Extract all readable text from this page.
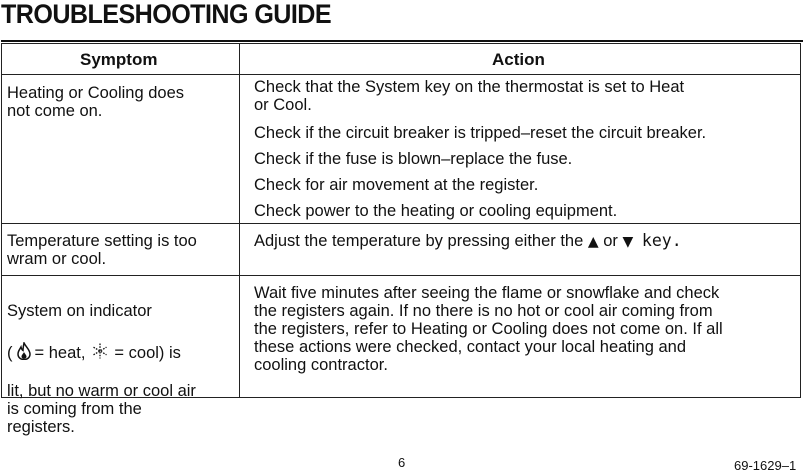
TROUBLESHOOTING GUIDE
Symptom	Action
Heating or Cooling does
not come on.
Check that the System key on the thermostat is set to Heat
or Cool.
Check if the circuit breaker is tripped–reset the circuit breaker.
Check if the fuse is blown–replace the fuse.
Check for air movement at the register.
Check power to the heating or cooling equipment.
Temperature setting is too
wram or cool.
Adjust the temperature by pressing either the ▲ or ▼ key.

System on indicator

( = heat, = cool) is

lit, but no warm or cool air
is coming from the
registers.

Wait five minutes after seeing the flame or snowflake and check
the registers again. If no there is no hot or cool air coming from
the registers, refer to Heating or Cooling does not come on. If all
these actions were checked, contact your local heating and
cooling contractor.
6	69-1629–1
